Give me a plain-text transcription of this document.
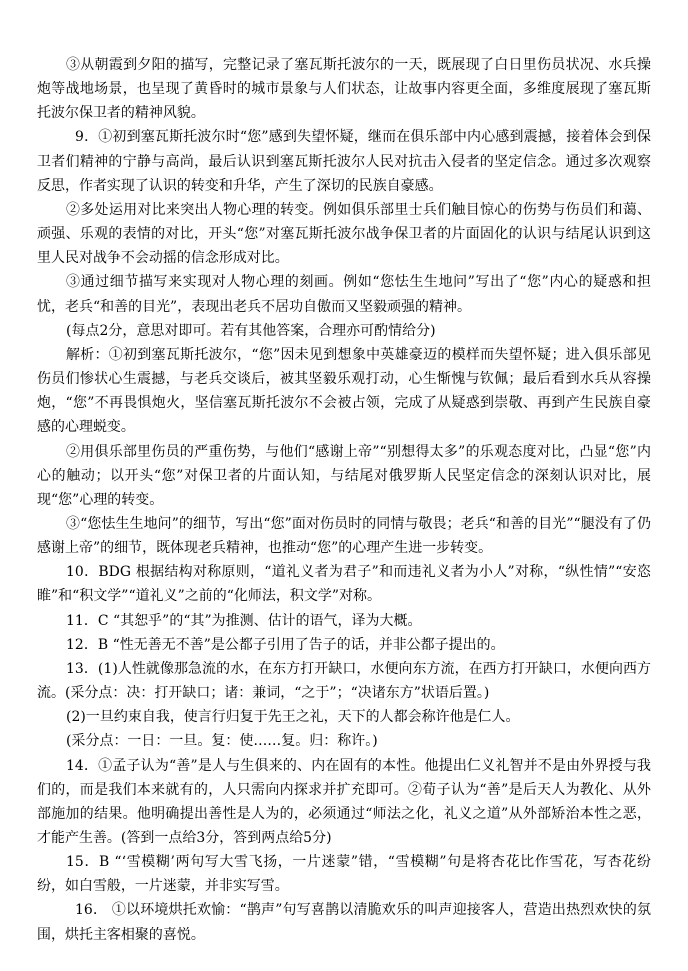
③从朝霞到夕阳的描写，完整记录了塞瓦斯托波尔的一天，既展现了白日里伤员状况、水兵操炮等战地场景，也呈现了黄昏时的城市景象与人们状态，让故事内容更全面，多维度展现了塞瓦斯托波尔保卫者的精神风貌。

9．①初到塞瓦斯托波尔时“您”感到失望怀疑，继而在俱乐部中内心感到震撼，接着体会到保卫者们精神的宁静与高尚，最后认识到塞瓦斯托波尔人民对抗击入侵者的坚定信念。通过多次观察反思，作者实现了认识的转变和升华，产生了深切的民族自豪感。

②多处运用对比来突出人物心理的转变。例如俱乐部里士兵们触目惊心的伤势与伤员们和蔼、顽强、乐观的表情的对比，开头“您”对塞瓦斯托波尔战争保卫者的片面固化的认识与结尾认识到这里人民对战争不会动摇的信念形成对比。

③通过细节描写来实现对人物心理的刻画。例如“您怯生生地问”写出了“您”内心的疑惑和担忧，老兵“和善的目光”，表现出老兵不居功自傲而又坚毅顽强的精神。

(每点2分，意思对即可。若有其他答案，合理亦可酌情给分)

解析：①初到塞瓦斯托波尔，“您”因未见到想象中英雄豪迈的模样而失望怀疑；进入俱乐部见伤员们惨状心生震撼，与老兵交谈后，被其坚毅乐观打动，心生惭愧与钦佩；最后看到水兵从容操炮，“您”不再畏惧炮火，坚信塞瓦斯托波尔不会被占领，完成了从疑惑到崇敬、再到产生民族自豪感的心理蜕变。

②用俱乐部里伤员的严重伤势，与他们“感谢上帝”“别想得太多”的乐观态度对比，凸显“您”内心的触动；以开头“您”对保卫者的片面认知，与结尾对俄罗斯人民坚定信念的深刻认识对比，展现“您”心理的转变。

③“您怯生生地问”的细节，写出“您”面对伤员时的同情与敬畏；老兵“和善的目光”“腿没有了仍感谢上帝”的细节，既体现老兵精神，也推动“您”的心理产生进一步转变。

10．BDG 根据结构对称原则，“道礼义者为君子”和而违礼义者为小人”对称，“纵性情”“安恣睢”和“积文学”“道礼义”之前的“化师法，积文学”对称。

11．C “其恕乎”的“其”为推测、估计的语气，译为大概。

12．B “性无善无不善”是公都子引用了告子的话，并非公都子提出的。

13．(1)人性就像那急流的水，在东方打开缺口，水便向东方流，在西方打开缺口，水便向西方流。(采分点：决：打开缺口；诸：兼词，“之于”；“决诸东方”状语后置。)

(2)一旦约束自我，使言行归复于先王之礼，天下的人都会称许他是仁人。

(采分点：一日：一旦。复：使……复。归：称许。)

14．①孟子认为“善”是人与生俱来的、内在固有的本性。他提出仁义礼智并不是由外界授与我们的，而是我们本来就有的，人只需向内探求并扩充即可。②荀子认为“善”是后天人为教化、从外部施加的结果。他明确提出善性是人为的，必须通过“师法之化，礼义之道”从外部矫治本性之恶，才能产生善。(答到一点给3分，答到两点给5分)

15．B “‘雪模糊’两句写大雪飞扬，一片迷蒙”错，“雪模糊”句是将杏花比作雪花，写杏花纷纷，如白雪般，一片迷蒙，并非实写雪。

16． ①以环境烘托欢愉：“鹊声”句写喜鹊以清脆欢乐的叫声迎接客人，营造出热烈欢快的氛围，烘托主客相聚的喜悦。
